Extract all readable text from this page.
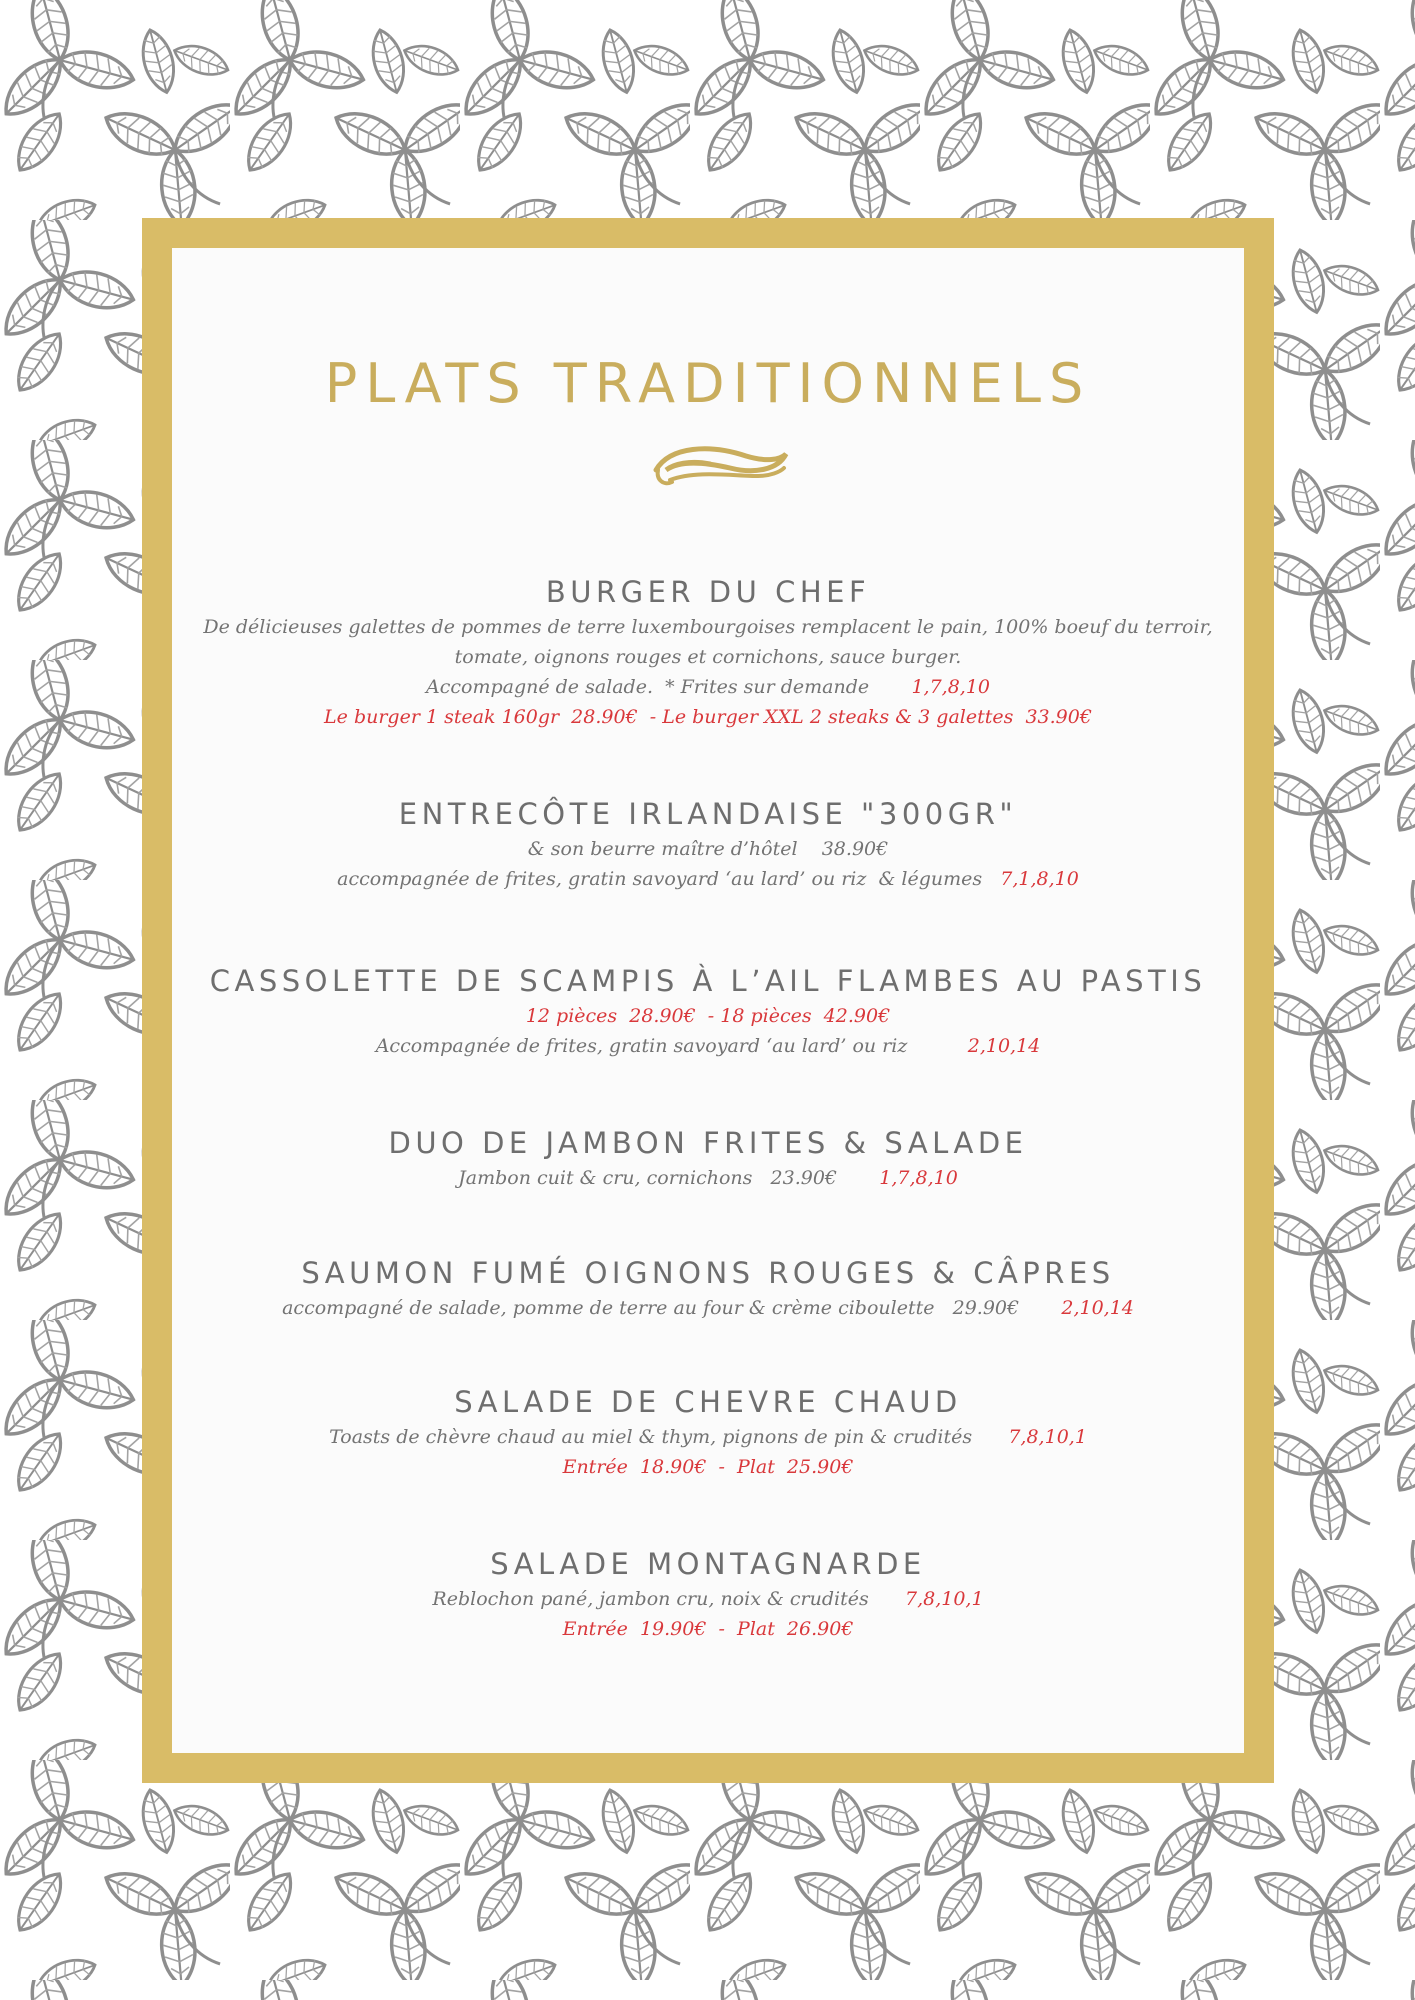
PLATS TRADITIONNELS
BURGER DU CHEF

De délicieuses galettes de pommes de terre luxembourgoises remplacent le pain, 100% boeuf du terroir,

tomate, oignons rouges et cornichons, sauce burger.

Accompagné de salade.  * Frites sur demande 1,7,8,10

Le burger 1 steak 160gr  28.90€  - Le burger XXL 2 steaks & 3 galettes  33.90€

ENTRECÔTE IRLANDAISE "300GR"

& son beurre maître d’hôtel    38.90€

accompagnée de frites, gratin savoyard ‘au lard’ ou riz  & légumes 7,1,8,10

CASSOLETTE DE SCAMPIS À L’AIL FLAMBES AU PASTIS

12 pièces  28.90€  - 18 pièces  42.90€

Accompagnée de frites, gratin savoyard ‘au lard’ ou riz	2,10,14

DUO DE JAMBON FRITES & SALADE

Jambon cuit & cru, cornichons   23.90€ 1,7,8,10

SAUMON FUMÉ OIGNONS ROUGES & CÂPRES

accompagné de salade, pomme de terre au four & crème ciboulette   29.90€ 2,10,14

SALADE DE CHEVRE CHAUD

Toasts de chèvre chaud au miel & thym, pignons de pin & crudités 7,8,10,1

Entrée  18.90€  -  Plat  25.90€

SALADE MONTAGNARDE

Reblochon pané, jambon cru, noix & crudités 7,8,10,1

Entrée  19.90€  -  Plat  26.90€
